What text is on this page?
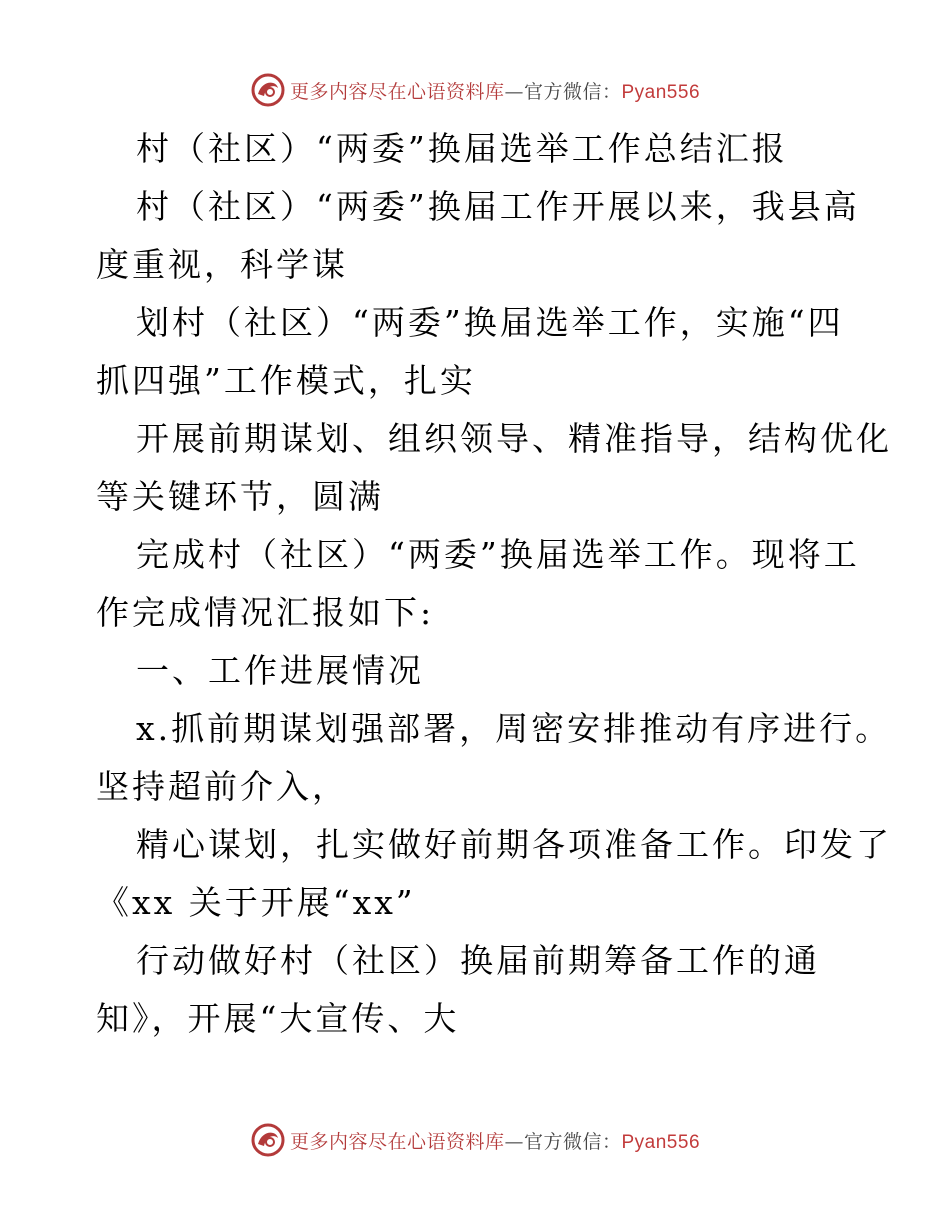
更多内容尽在心语资料库—官方微信：Pyan556
村（社区）“两委”换届选举工作总结汇报
村（社区）“两委”换届工作开展以来，我县高
度重视，科学谋
划村（社区）“两委”换届选举工作，实施“四
抓四强”工作模式，扎实
开展前期谋划、组织领导、精准指导，结构优化
等关键环节，圆满
完成村（社区）“两委”换届选举工作。现将工
作完成情况汇报如下:
一、工作进展情况
x.抓前期谋划强部署，周密安排推动有序进行。
坚持超前介入，
精心谋划，扎实做好前期各项准备工作。印发了
《xx 关于开展“xx”
行动做好村（社区）换届前期筹备工作的通
知》，开展“大宣传、大
更多内容尽在心语资料库—官方微信：Pyan556
